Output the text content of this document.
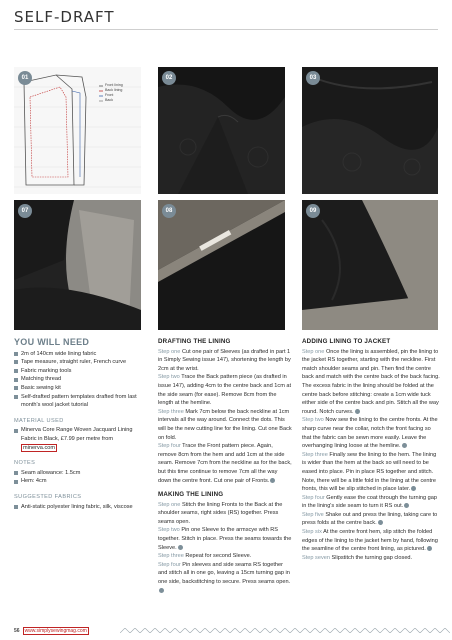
SELF-DRAFT
Front lining
Back lining
Front
Back
01	02	03
07	08	09
YOU WILL NEED
2m of 140cm wide lining fabric
Tape measure, straight ruler, French curve
Fabric marking tools
Matching thread
Basic sewing kit
Self-drafted pattern templates drafted from last month's wool jacket tutorial
MATERIAL USED
Minerva Core Range Woven Jacquard Lining Fabric in Black, £7.99 per metre from minerva.com
NOTES
Seam allowance: 1.5cm
Hem: 4cm
SUGGESTED FABRICS
Anti-static polyester lining fabric, silk, viscose
DRAFTING THE LINING

Step one Cut one pair of Sleeves (as drafted in part 1 in Simply Sewing issue 147), shortening the length by 2cm at the wrist.

Step two Trace the Back pattern piece (as drafted in issue 147), adding 4cm to the centre back and 1cm at the side seam (for ease). Remove 8cm from the length at the hemline.

Step three Mark 7cm below the back neckline at 1cm intervals all the way around. Connect the dots. This will be the new cutting line for the lining. Cut one Back on fold.

Step four Trace the Front pattern piece. Again, remove 8cm from the hem and add 1cm at the side seam. Remove 7cm from the neckline as for the back, but this time continue to remove 7cm all the way down the centre front. Cut one pair of Fronts.

MAKING THE LINING

Step one Stitch the lining Fronts to the Back at the shoulder seams, right sides (RS) together. Press seams open.

Step two Pin one Sleeve to the armscye with RS together. Stitch in place. Press the seams towards the Sleeve.

Step three Repeat for second Sleeve.

Step four Pin sleeves and side seams RS together and stitch all in one go, leaving a 15cm turning gap in one side, backstitching to secure. Press seams open.

ADDING LINING TO JACKET

Step one Once the lining is assembled, pin the lining to the jacket RS together, starting with the neckline. First match shoulder seams and pin. Then find the centre back and match with the centre back of the back facing. The excess fabric in the lining should be folded at the centre back before stitching: create a 1cm wide tuck either side of the centre back and pin. Stitch all the way round. Notch curves.

Step two Now sew the lining to the centre fronts. At the sharp curve near the collar, notch the front facing so that the fabric can be sewn more easily. Leave the overhanging lining loose at the hemline.

Step three Finally sew the lining to the hem. The lining is wider than the hem at the back so will need to be eased into place. Pin in place RS together and stitch. Note, there will be a little fold in the lining at the centre fronts, this will be slip stitched in place later.

Step four Gently ease the coat through the turning gap in the lining's side seam to turn it RS out.

Step five Shake out and press the lining, taking care to press folds at the centre back.

Step six At the centre front hem, slip stitch the folded edges of the lining to the jacket hem by hand, following the seamline of the centre front lining, as pictured.

Step seven Slipstitch the turning gap closed.

56 www.simplysewingmag.com
